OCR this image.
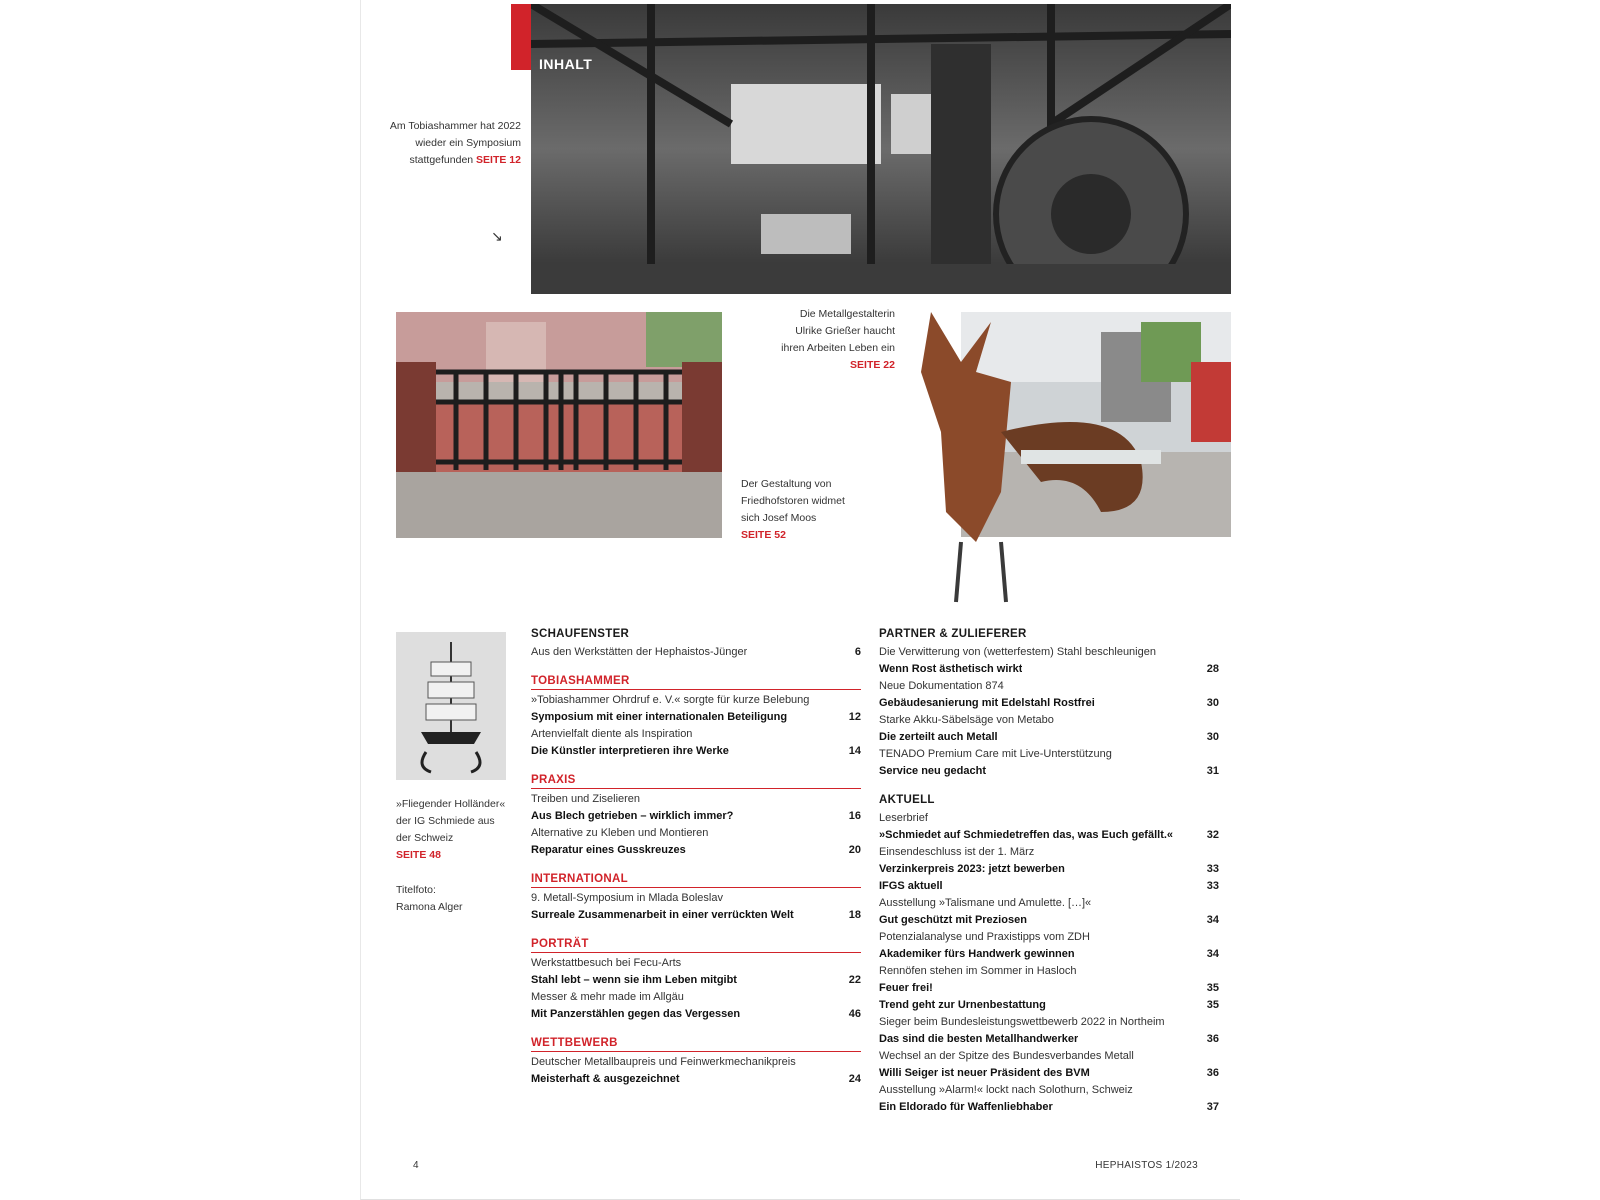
INHALT
Am Tobiashammer hat 2022 wieder ein Symposium stattgefunden SEITE 12
↘
Der Gestaltung von Friedhofstoren widmet sich Josef Moos
SEITE 52
Die Metallgestalterin Ulrike Grießer haucht ihren Arbeiten Leben ein
SEITE 22
»Fliegender Holländer« der IG Schmiede aus der Schweiz
SEITE 48
Titelfoto:
Ramona Alger
SCHAUFENSTER
Aus den Werkstätten der Hephaistos-Jünger	6
TOBIASHAMMER
»Tobiashammer Ohrdruf e. V.« sorgte für kurze Belebung
Symposium mit einer internationalen Beteiligung	12
Artenvielfalt diente als Inspiration
Die Künstler interpretieren ihre Werke	14
PRAXIS
Treiben und Ziselieren
Aus Blech getrieben – wirklich immer?	16
Alternative zu Kleben und Montieren
Reparatur eines Gusskreuzes	20
INTERNATIONAL
9. Metall-Symposium in Mlada Boleslav
Surreale Zusammenarbeit in einer verrückten Welt	18
PORTRÄT
Werkstattbesuch bei Fecu-Arts
Stahl lebt – wenn sie ihm Leben mitgibt	22
Messer & mehr made im Allgäu
Mit Panzerstählen gegen das Vergessen	46
WETTBEWERB
Deutscher Metallbaupreis und Feinwerkmechanikpreis
Meisterhaft & ausgezeichnet	24
PARTNER & ZULIEFERER
Die Verwitterung von (wetterfestem) Stahl beschleunigen
Wenn Rost ästhetisch wirkt	28
Neue Dokumentation 874
Gebäudesanierung mit Edelstahl Rostfrei	30
Starke Akku-Säbelsäge von Metabo
Die zerteilt auch Metall	30
TENADO Premium Care mit Live-Unterstützung
Service neu gedacht	31
AKTUELL
Leserbrief
»Schmiedet auf Schmiedetreffen das, was Euch gefällt.«	32
Einsendeschluss ist der 1. März
Verzinkerpreis 2023: jetzt bewerben	33
IFGS aktuell	33
Ausstellung »Talismane und Amulette. […]«
Gut geschützt mit Preziosen	34
Potenzialanalyse und Praxistipps vom ZDH
Akademiker fürs Handwerk gewinnen	34
Rennöfen stehen im Sommer in Hasloch
Feuer frei!	35
Trend geht zur Urnenbestattung	35
Sieger beim Bundesleistungswettbewerb 2022 in Northeim
Das sind die besten Metallhandwerker	36
Wechsel an der Spitze des Bundesverbandes Metall
Willi Seiger ist neuer Präsident des BVM	36
Ausstellung »Alarm!« lockt nach Solothurn, Schweiz
Ein Eldorado für Waffenliebhaber	37
4	HEPHAISTOS 1/2023
